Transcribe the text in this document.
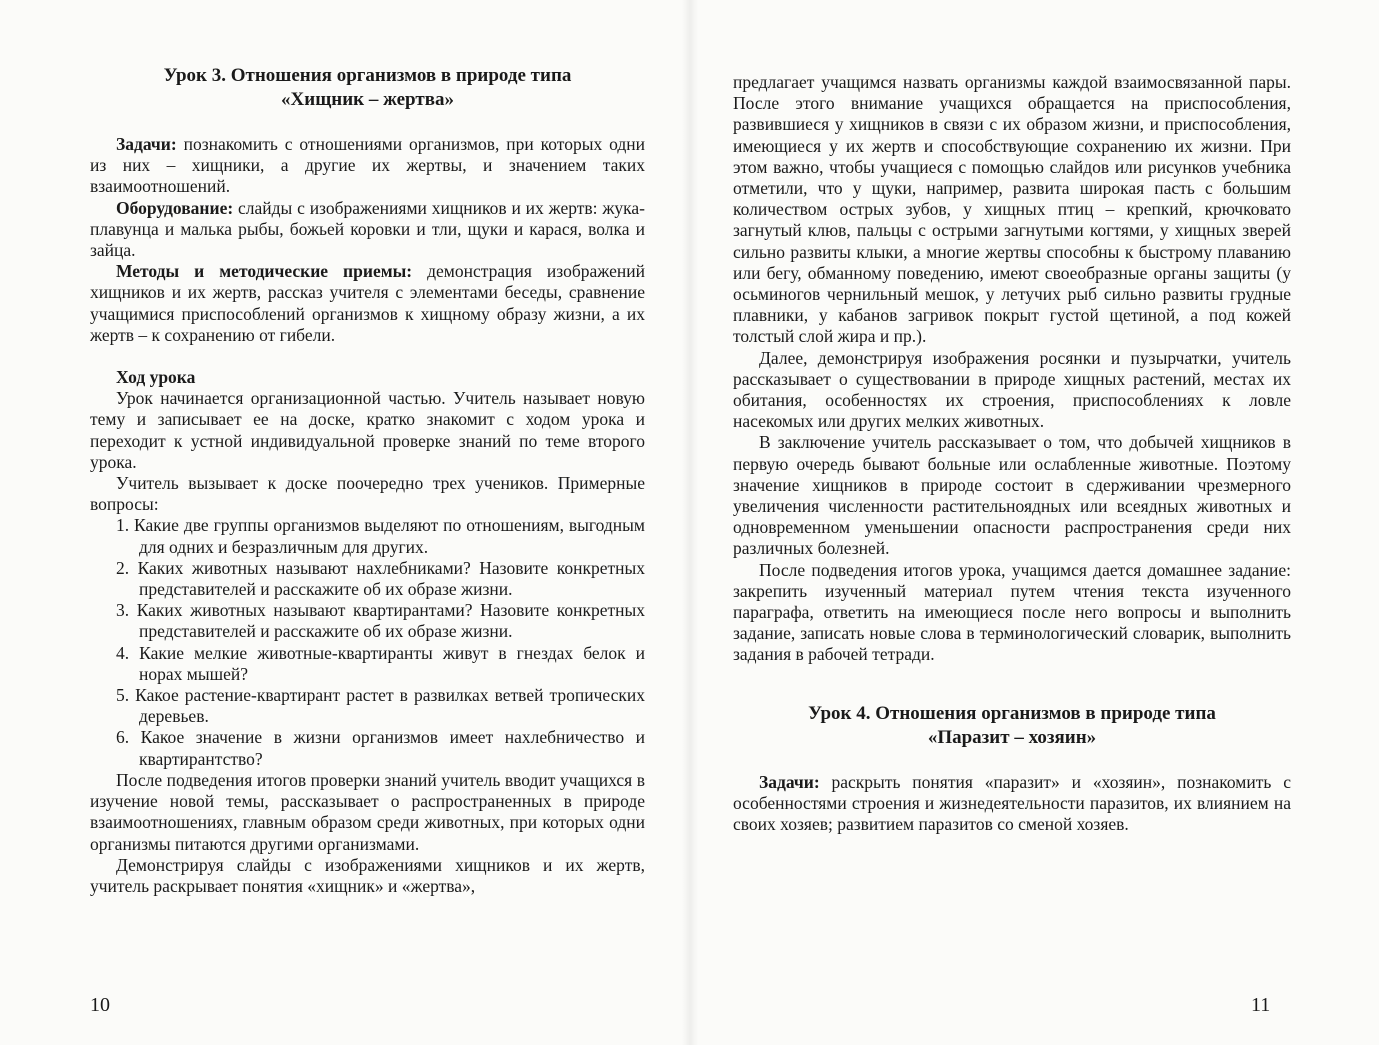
Урок 3. Отношения организмов в природе типа
«Хищник – жертва»

Задачи: познакомить с отношениями организмов, при которых одни из них – хищники, а другие их жертвы, и значением таких взаимоотношений.

Оборудование: слайды с изображениями хищников и их жертв: жука-плавунца и малька рыбы, божьей коровки и тли, щуки и карася, волка и зайца.

Методы и методические приемы: демонстрация изображений хищников и их жертв, рассказ учителя с элементами беседы, сравнение учащимися приспособлений организмов к хищному образу жизни, а их жертв – к сохранению от гибели.

Ход урока

Урок начинается организационной частью. Учитель называет новую тему и записывает ее на доске, кратко знакомит с ходом урока и переходит к устной индивидуальной проверке знаний по теме второго урока.

Учитель вызывает к доске поочередно трех учеников. Примерные вопросы:

1. Какие две группы организмов выделяют по отношениям, выгодным для одних и безразличным для других.
2. Каких животных называют нахлебниками? Назовите конкретных представителей и расскажите об их образе жизни.
3. Каких животных называют квартирантами? Назовите конкретных представителей и расскажите об их образе жизни.
4. Какие мелкие животные-квартиранты живут в гнездах белок и норах мышей?
5. Какое растение-квартирант растет в развилках ветвей тропических деревьев.
6. Какое значение в жизни организмов имеет нахлебничество и квартирантство?

После подведения итогов проверки знаний учитель вводит учащихся в изучение новой темы, рассказывает о распространенных в природе взаимоотношениях, главным образом среди животных, при которых одни организмы питаются другими организмами.

Демонстрируя слайды с изображениями хищников и их жертв, учитель раскрывает понятия «хищник» и «жертва»,

10

предлагает учащимся назвать организмы каждой взаимосвязанной пары. После этого внимание учащихся обращается на приспособления, развившиеся у хищников в связи с их образом жизни, и приспособления, имеющиеся у их жертв и способствующие сохранению их жизни. При этом важно, чтобы учащиеся с помощью слайдов или рисунков учебника отметили, что у щуки, например, развита широкая пасть с большим количеством острых зубов, у хищных птиц – крепкий, крючковато загнутый клюв, пальцы с острыми загнутыми когтями, у хищных зверей сильно развиты клыки, а многие жертвы способны к быстрому плаванию или бегу, обманному поведению, имеют своеобразные органы защиты (у осьминогов чернильный мешок, у летучих рыб сильно развиты грудные плавники, у кабанов загривок покрыт густой щетиной, а под кожей толстый слой жира и пр.).

Далее, демонстрируя изображения росянки и пузырчатки, учитель рассказывает о существовании в природе хищных растений, местах их обитания, особенностях их строения, приспособлениях к ловле насекомых или других мелких животных.

В заключение учитель рассказывает о том, что добычей хищников в первую очередь бывают больные или ослабленные животные. Поэтому значение хищников в природе состоит в сдерживании чрезмерного увеличения численности растительноядных или всеядных животных и одновременном уменьшении опасности распространения среди них различных болезней.

После подведения итогов урока, учащимся дается домашнее задание: закрепить изученный материал путем чтения текста изученного параграфа, ответить на имеющиеся после него вопросы и выполнить задание, записать новые слова в терминологический словарик, выполнить задания в рабочей тетради.

Урок 4. Отношения организмов в природе типа
«Паразит – хозяин»

Задачи: раскрыть понятия «паразит» и «хозяин», познакомить с особенностями строения и жизнедеятельности паразитов, их влиянием на своих хозяев; развитием паразитов со сменой хозяев.

11
